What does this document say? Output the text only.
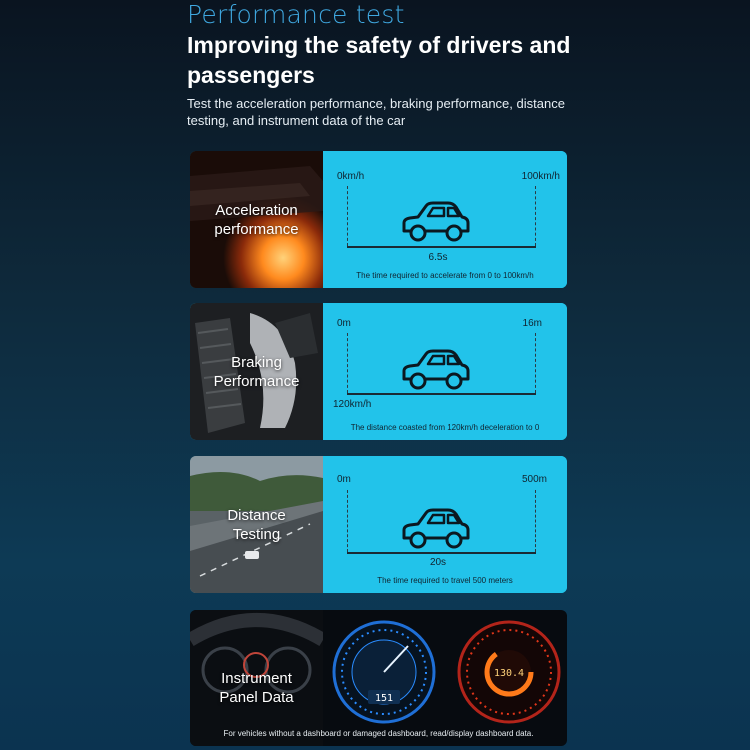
Performance test
Improving the safety of drivers and passengers
Test the acceleration performance, braking performance, distance testing, and instrument data of the car
Acceleration
performance
0km/h	100km/h
6.5s
The time required to accelerate from 0 to 100km/h
Braking
Performance
0m	16m
120km/h
The distance coasted from 120km/h deceleration to 0
Distance
Testing
0m	500m
20s
The time required to travel 500 meters
Instrument
Panel Data	151
130.4
For vehicles without a dashboard or damaged dashboard, read/display dashboard data.
